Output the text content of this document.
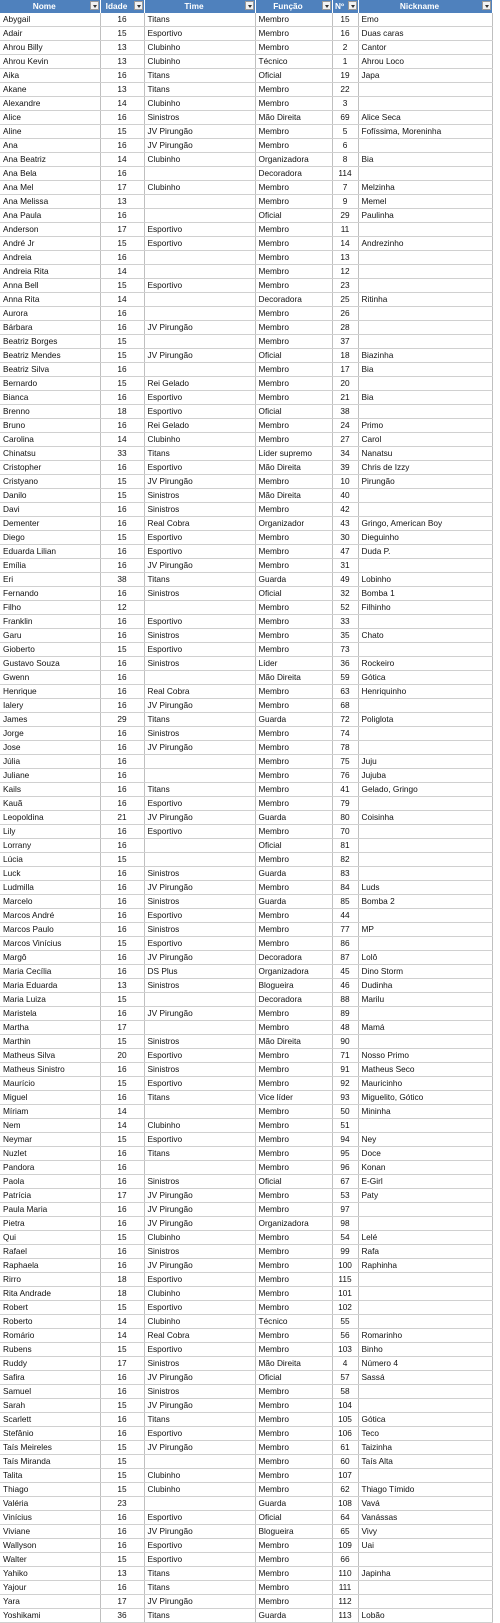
Nome	Idade	Time	Função	Nº	Nickname

Abygail	16	Titans	Membro	15	Emo
Adair	15	Esportivo	Membro	16	Duas caras
Ahrou Billy	13	Clubinho	Membro	2	Cantor
Ahrou Kevin	13	Clubinho	Técnico	1	Ahrou Loco
Aika	16	Titans	Oficial	19	Japa
Akane	13	Titans	Membro	22	
Alexandre	14	Clubinho	Membro	3	
Alice	16	Sinistros	Mão Direita	69	Alice Seca
Aline	15	JV Pirungão	Membro	5	Fofíssima, Moreninha
Ana	16	JV Pirungão	Membro	6	
Ana Beatriz	14	Clubinho	Organizadora	8	Bia
Ana Bela	16		Decoradora	114	
Ana Mel	17	Clubinho	Membro	7	Melzinha
Ana Melissa	13		Membro	9	Memel
Ana Paula	16		Oficial	29	Paulinha
Anderson	17	Esportivo	Membro	11	
André Jr	15	Esportivo	Membro	14	Andrezinho
Andreia	16		Membro	13	
Andreia Rita	14		Membro	12	
Anna Bell	15	Esportivo	Membro	23	
Anna Rita	14		Decoradora	25	Ritinha
Aurora	16		Membro	26	
Bárbara	16	JV Pirungão	Membro	28	
Beatriz Borges	15		Membro	37	
Beatriz Mendes	15	JV Pirungão	Oficial	18	Biazinha
Beatriz Silva	16		Membro	17	Bia
Bernardo	15	Rei Gelado	Membro	20	
Bianca	16	Esportivo	Membro	21	Bia
Brenno	18	Esportivo	Oficial	38	
Bruno	16	Rei Gelado	Membro	24	Primo
Carolina	14	Clubinho	Membro	27	Carol
Chinatsu	33	Titans	Líder supremo	34	Nanatsu
Cristopher	16	Esportivo	Mão Direita	39	Chris de Izzy
Cristyano	15	JV Pirungão	Membro	10	Pirungão
Danilo	15	Sinistros	Mão Direita	40	
Davi	16	Sinistros	Membro	42	
Dementer	16	Real Cobra	Organizador	43	Gringo, American Boy
Diego	15	Esportivo	Membro	30	Dieguinho
Eduarda Lilian	16	Esportivo	Membro	47	Duda P.
Emília	16	JV Pirungão	Membro	31	
Eri	38	Titans	Guarda	49	Lobinho
Fernando	16	Sinistros	Oficial	32	Bomba 1
Filho	12		Membro	52	Filhinho
Franklin	16	Esportivo	Membro	33	
Garu	16	Sinistros	Membro	35	Chato
Gioberto	15	Esportivo	Membro	73	
Gustavo Souza	16	Sinistros	Líder	36	Rockeiro
Gwenn	16		Mão Direita	59	Gótica
Henrique	16	Real Cobra	Membro	63	Henriquinho
Ialery	16	JV Pirungão	Membro	68	
James	29	Titans	Guarda	72	Poliglota
Jorge	16	Sinistros	Membro	74	
Jose	16	JV Pirungão	Membro	78	
Júlia	16		Membro	75	Juju
Juliane	16		Membro	76	Jujuba
Kails	16	Titans	Membro	41	Gelado, Gringo
Kauã	16	Esportivo	Membro	79	
Leopoldina	21	JV Pirungão	Guarda	80	Coisinha
Lily	16	Esportivo	Membro	70	
Lorrany	16		Oficial	81	
Lúcia	15		Membro	82	
Luck	16	Sinistros	Guarda	83	
Ludmilla	16	JV Pirungão	Membro	84	Luds
Marcelo	16	Sinistros	Guarda	85	Bomba 2
Marcos André	16	Esportivo	Membro	44	
Marcos Paulo	16	Sinistros	Membro	77	MP
Marcos Vinícius	15	Esportivo	Membro	86	
Margô	16	JV Pirungão	Decoradora	87	Lolô
Maria Cecília	16	DS Plus	Organizadora	45	Dino Storm
Maria Eduarda	13	Sinistros	Blogueira	46	Dudinha
Maria Luiza	15		Decoradora	88	Marilu
Maristela	16	JV Pirungão	Membro	89	
Martha	17		Membro	48	Mamá
Marthin	15	Sinistros	Mão Direita	90	
Matheus Silva	20	Esportivo	Membro	71	Nosso Primo
Matheus Sinistro	16	Sinistros	Membro	91	Matheus Seco
Maurício	15	Esportivo	Membro	92	Mauricinho
Miguel	16	Titans	Vice líder	93	Miguelito, Gótico
Míriam	14		Membro	50	Mininha
Nem	14	Clubinho	Membro	51	
Neymar	15	Esportivo	Membro	94	Ney
Nuzlet	16	Titans	Membro	95	Doce
Pandora	16		Membro	96	Konan
Paola	16	Sinistros	Oficial	67	E-Girl
Patrícia	17	JV Pirungão	Membro	53	Paty
Paula Maria	16	JV Pirungão	Membro	97	
Pietra	16	JV Pirungão	Organizadora	98	
Qui	15	Clubinho	Membro	54	Lelé
Rafael	16	Sinistros	Membro	99	Rafa
Raphaela	16	JV Pirungão	Membro	100	Raphinha
Rirro	18	Esportivo	Membro	115	
Rita Andrade	18	Clubinho	Membro	101	
Robert	15	Esportivo	Membro	102	
Roberto	14	Clubinho	Técnico	55	
Romário	14	Real Cobra	Membro	56	Romarinho
Rubens	15	Esportivo	Membro	103	Binho
Ruddy	17	Sinistros	Mão Direita	4	Número 4
Safira	16	JV Pirungão	Oficial	57	Sassá
Samuel	16	Sinistros	Membro	58	
Sarah	15	JV Pirungão	Membro	104	
Scarlett	16	Titans	Membro	105	Gótica
Stefânio	16	Esportivo	Membro	106	Teco
Taís Meireles	15	JV Pirungão	Membro	61	Taizinha
Taís Miranda	15		Membro	60	Taís Alta
Talita	15	Clubinho	Membro	107	
Thiago	15	Clubinho	Membro	62	Thiago Tímido
Valéria	23		Guarda	108	Vavá
Vinícius	16	Esportivo	Oficial	64	Vanássas
Viviane	16	JV Pirungão	Blogueira	65	Vivy
Wallyson	16	Esportivo	Membro	109	Uai
Walter	15	Esportivo	Membro	66	
Yahiko	13	Titans	Membro	110	Japinha
Yajour	16	Titans	Membro	111	
Yara	17	JV Pirungão	Membro	112	
Yoshikami	36	Titans	Guarda	113	Lobão
